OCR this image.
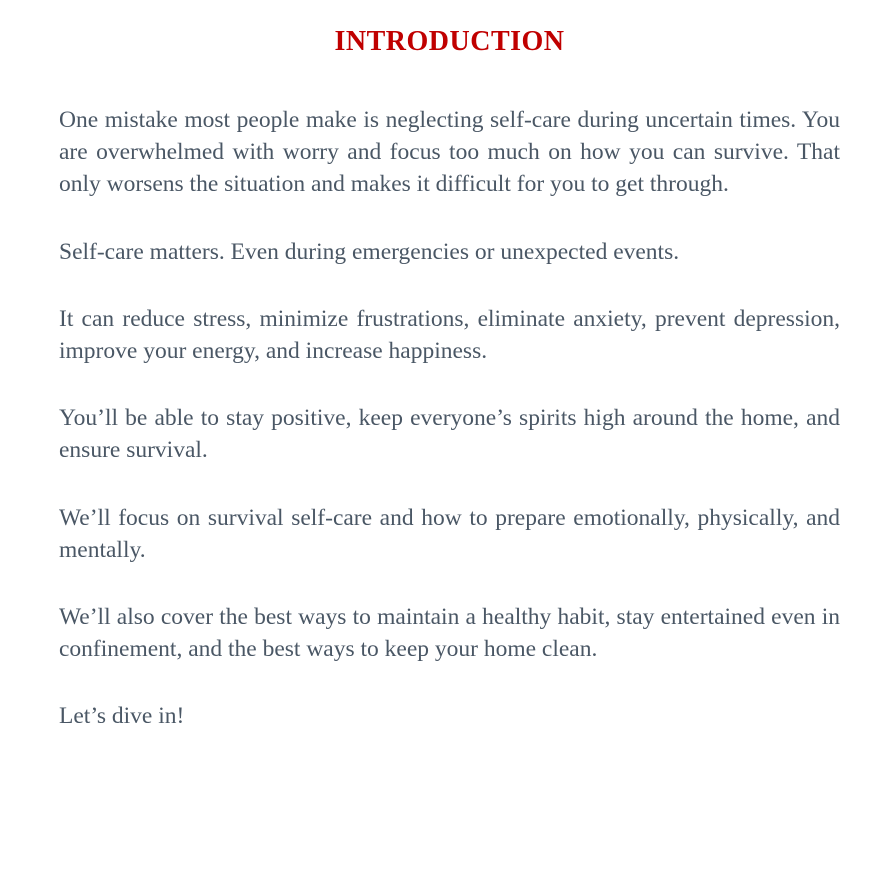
INTRODUCTION

One mistake most people make is neglecting self-care during uncertain times. You are overwhelmed with worry and focus too much on how you can survive. That only worsens the situation and makes it difficult for you to get through.

Self-care matters. Even during emergencies or unexpected events.

It can reduce stress, minimize frustrations, eliminate anxiety, prevent depression, improve your energy, and increase happiness.

You’ll be able to stay positive, keep everyone’s spirits high around the home, and ensure survival.

We’ll focus on survival self-care and how to prepare emotionally, physically, and mentally.

We’ll also cover the best ways to maintain a healthy habit, stay entertained even in confinement, and the best ways to keep your home clean.

Let’s dive in!
